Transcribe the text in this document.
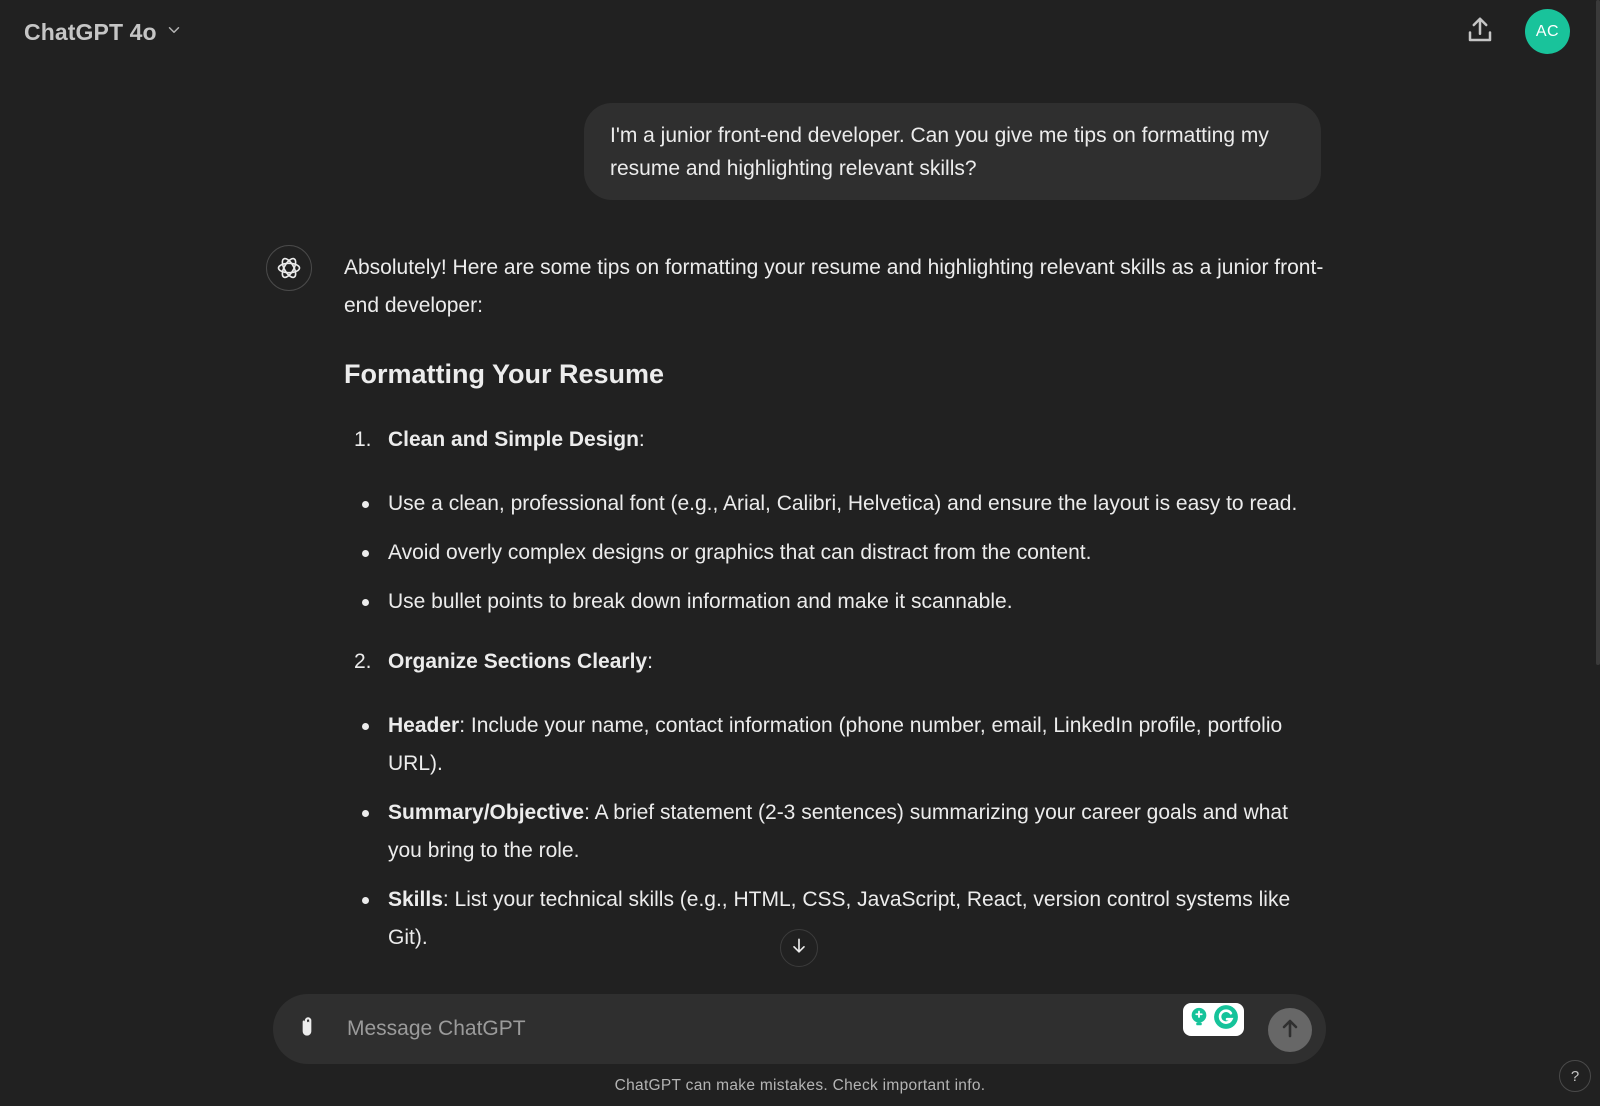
ChatGPT 4o	AC
I'm a junior front-end developer. Can you give me tips on formatting my resume and highlighting relevant skills?

Absolutely! Here are some tips on formatting your resume and highlighting relevant skills as a junior front-end developer:

Formatting Your Resume
1. Clean and Simple Design:
Use a clean, professional font (e.g., Arial, Calibri, Helvetica) and ensure the layout is easy to read.
Avoid overly complex designs or graphics that can distract from the content.
Use bullet points to break down information and make it scannable.
2. Organize Sections Clearly:
Header: Include your name, contact information (phone number, email, LinkedIn profile, portfolio URL).
Summary/Objective: A brief statement (2-3 sentences) summarizing your career goals and what you bring to the role.
Skills: List your technical skills (e.g., HTML, CSS, JavaScript, React, version control systems like Git).
Message ChatGPT
ChatGPT can make mistakes. Check important info.
?
